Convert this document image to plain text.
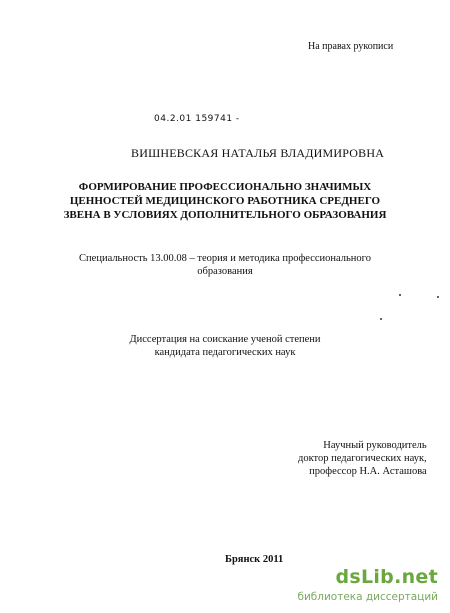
На правах рукописи
04.2.01 159741 -
ВИШНЕВСКАЯ НАТАЛЬЯ ВЛАДИМИРОВНА
ФОРМИРОВАНИЕ ПРОФЕССИОНАЛЬНО ЗНАЧИМЫХ
ЦЕННОСТЕЙ МЕДИЦИНСКОГО РАБОТНИКА СРЕДНЕГО
ЗВЕНА В УСЛОВИЯХ ДОПОЛНИТЕЛЬНОГО ОБРАЗОВАНИЯ
Специальность 13.00.08 – теория и методика профессионального
образования
Диссертация на соискание ученой степени
кандидата педагогических наук
Научный руководитель
доктор педагогических наук,
профессор Н.А. Асташова
Брянск 2011
dsLib.net
библиотека диссертаций
